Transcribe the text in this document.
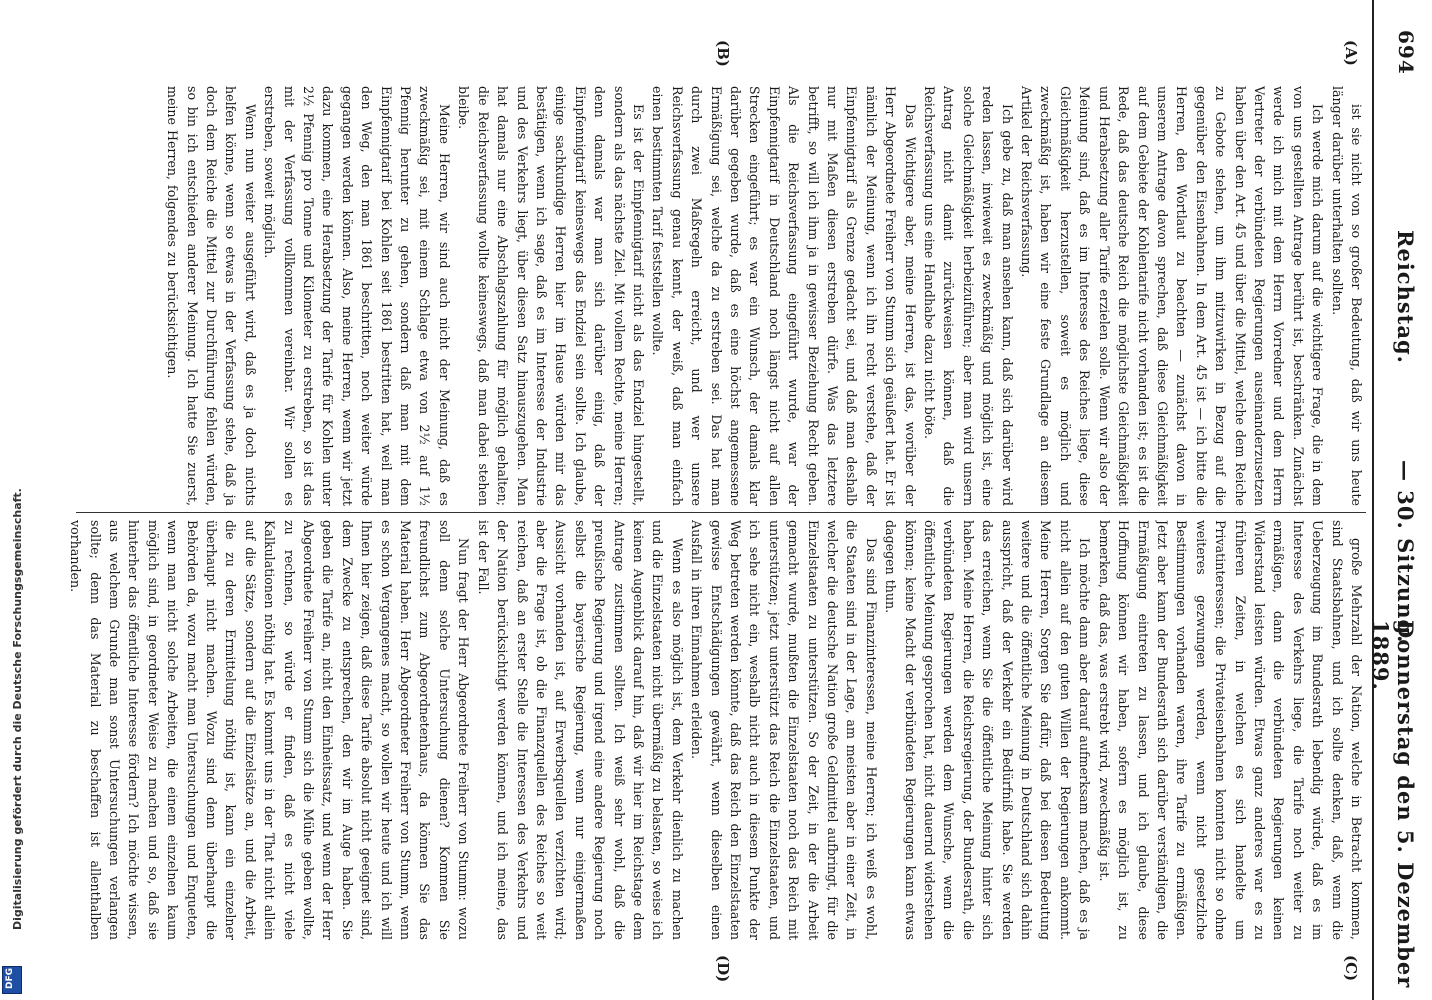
694
Reichstag.
— 30. Sitzung.
Donnerstag den 5. Dezember 1889.
(A)
(B)
(C)
(D)

ist sie nicht von so großer Bedeutung, daß wir uns heute länger darüber unterhalten sollten.

Ich werde mich darum auf die wichtigere Frage, die in dem von uns gestellten Antrage berührt ist, beschränken. Zunächst werde ich mich mit dem Herrn Vorredner und dem Herrn Vertreter der verbündeten Regierungen auseinanderzusetzen haben über den Art. 45 und über die Mittel, welche dem Reiche zu Gebote stehen, um ihm mitzuwirken in Bezug auf die gegenüber den Eisenbahnen. In dem Art. 45 ist — ich bitte die Herren, den Wortlaut zu beachten — zunächst davon in unserem Antrage davon sprechen, daß diese Gleichmäßigkeit auf dem Gebiete der Kohlentarife nicht vorhanden ist; es ist die Rede, daß das deutsche Reich die möglichste Gleichmäßigkeit und Herabsetzung aller Tarife erzielen solle. Wenn wir also der Meinung sind, daß es im Interesse des Reiches liege, diese Gleichmäßigkeit herzustellen, soweit es möglich und zweckmäßig ist, haben wir eine feste Grundlage an diesem Artikel der Reichsverfassung.

Ich gebe zu, daß man ansehen kann, daß sich darüber wird reden lassen, inwieweit es zweckmäßig und möglich ist, eine solche Gleichmäßigkeit herbeizuführen; aber man wird unsern Antrag nicht damit zurückweisen können, daß die Reichsverfassung uns eine Handhabe dazu nicht böte.

Das Wichtigere aber, meine Herren, ist das, worüber der Herr Abgeordnete Freiherr von Stumm sich geäußert hat. Er ist nämlich der Meinung, wenn ich ihn recht verstehe, daß der Einpfennigtarif als Grenze gedacht sei, und daß man deshalb nur mit Maßen diesen erstreben dürfe. Was das letztere betrifft, so will ich ihm ja in gewisser Beziehung Recht geben. Als die Reichsverfassung eingeführt wurde, war der Einpfennigtarif in Deutschland noch längst nicht auf allen Strecken eingeführt; es war ein Wunsch, der damals klar darüber gegeben wurde, daß es eine höchst angemessene Ermäßigung sei, welche da zu erstreben sei. Das hat man durch zwei Maßregeln erreicht, und wer unsere Reichsverfassung genau kennt, der weiß, daß man einfach einen bestimmten Tarif feststellen wollte.

Es ist der Einpfennigtarif nicht als das Endziel hingestellt, sondern als das nächste Ziel. Mit vollem Rechte, meine Herren; denn damals war man sich darüber einig, daß der Einpfennigtarif keineswegs das Endziel sein sollte. Ich glaube, einige sachkundige Herren hier im Hause würden mir das bestätigen, wenn ich sage, daß es im Interesse der Industrie und des Verkehrs liegt, über diesen Satz hinauszugehen. Man hat damals nur eine Abschlagszahlung für möglich gehalten; die Reichsverfassung wollte keineswegs, daß man dabei stehen bleibe.

Meine Herren, wir sind auch nicht der Meinung, daß es zweckmäßig sei, mit einem Schlage etwa von 2½ auf 1½ Pfennig herunter zu gehen, sondern daß man mit dem Einpfennigtarif bei Kohlen seit 1861 bestritten hat, weil man den Weg, den man 1861 beschritten, noch weiter würde gegangen werden können. Also, meine Herren, wenn wir jetzt dazu kommen, eine Herabsetzung der Tarife für Kohlen unter 2½ Pfennig pro Tonne und Kilometer zu erstreben, so ist das mit der Verfassung vollkommen vereinbar. Wir sollen es erstreben, soweit möglich.

Wenn nun weiter ausgeführt wird, daß es ja doch nichts helfen könne, wenn so etwas in der Verfassung stehe, daß ja doch dem Reiche die Mittel zur Durchführung fehlen würden, so bin ich entschieden anderer Meinung. Ich hatte Sie zuerst, meine Herren, folgendes zu berücksichtigen.

große Mehrzahl der Nation, welche in Betracht kommen, sind Staatsbahnen, und ich sollte denken, daß, wenn die Ueberzeugung im Bundesrath lebendig würde, daß es im Interesse des Verkehrs liege, die Tarife noch weiter zu ermäßigen, dann die verbündeten Regierungen keinen Widerstand leisten würden. Etwas ganz anderes war es zu früheren Zeiten, in welchen es sich handelte um Privatinteressen; die Privateisenbahnen konnten nicht so ohne weiteres gezwungen werden, wenn nicht gesetzliche Bestimmungen vorhanden waren, ihre Tarife zu ermäßigen. Jetzt aber kann der Bundesrath sich darüber verständigen, die Ermäßigung eintreten zu lassen, und ich glaube, diese Hoffnung können wir haben, sofern es möglich ist, zu bemerken, daß das, was erstrebt wird, zweckmäßig ist.

Ich möchte dann aber darauf aufmerksam machen, daß es ja nicht allein auf den guten Willen der Regierungen ankommt. Meine Herren, Sorgen Sie dafür, daß bei diesen Bedeutung weitere und die öffentliche Meinung in Deutschland sich dahin ausspricht, daß der Verkehr ein Bedürfniß habe. Sie werden das erreichen, wenn Sie die öffentliche Meinung hinter sich haben. Meine Herren, die Reichsregierung, der Bundesrath, die verbündeten Regierungen werden dem Wunsche, wenn die öffentliche Meinung gesprochen hat, nicht dauernd widerstehen können; keine Macht der verbündeten Regierungen kann etwas dagegen thun.

Das sind Finanzinteressen, meine Herren; ich weiß es wohl, die Staaten sind in der Lage, am meisten aber in einer Zeit, in welcher die deutsche Nation große Geldmittel aufbringt, für die Einzelstaaten zu unterstützen. So der Zeit, in der die Arbeit gemacht wurde, mußten die Einzelstaaten noch das Reich mit unterstützen; jetzt unterstützt das Reich die Einzelstaaten, und ich sehe nicht ein, weshalb nicht auch in diesem Punkte der Weg betreten werden könnte, daß das Reich den Einzelstaaten gewisse Entschädigungen gewährt, wenn dieselben einen Ausfall in ihren Einnahmen erleiden.

Wenn es also möglich ist, dem Verkehr dienlich zu machen und die Einzelstaaten nicht übermäßig zu belasten, so weise ich keinen Augenblick darauf hin, daß wir hier im Reichstage dem Antrage zustimmen sollten. Ich weiß sehr wohl, daß die preußische Regierung und irgend eine andere Regierung noch selbst die bayerische Regierung, wenn nur einigermaßen Aussicht vorhanden ist, auf Erwerbsquellen verzichten wird; aber die Frage ist, ob die Finanzquellen des Reiches so weit reichen, daß an erster Stelle die Interessen des Verkehrs und der Nation berücksichtigt werden können, und ich meine, das ist der Fall.

Nun fragt der Herr Abgeordnete Freiherr von Stumm: wozu soll denn solche Untersuchung dienen? Kommen Sie freundlichst zum Abgeordnetenhaus, da können Sie das Material haben. Herr Abgeordneter Freiherr von Stumm, wenn es schon Vergangenes macht, so wollen wir heute und ich will Ihnen hier zeigen, daß diese Tarife absolut nicht geeignet sind, dem Zwecke zu entsprechen, den wir im Auge haben. Sie geben die Tarife an, nicht den Einheitssatz, und wenn der Herr Abgeordnete Freiherr von Stumm sich die Mühe geben wollte, zu rechnen, so würde er finden, daß es nicht viele Kalkulationen nöthig hat. Es kommt uns in der That nicht allein auf die Sätze, sondern auf die Einzelsätze an, und die Arbeit, die zu deren Ermittelung nöthig ist, kann ein einzelner überhaupt nicht machen. Wozu sind denn überhaupt die Behörden da, wozu macht man Untersuchungen und Enqueten, wenn man nicht solche Arbeiten, die einem einzelnen kaum möglich sind, in geordneter Weise zu machen und so, daß sie hinterher das öffentliche Interesse fördern? Ich möchte wissen, aus welchem Grunde man sonst Untersuchungen verlangen sollte; denn das Material zu beschaffen ist allenthalben vorhanden.

Digitalisierung gefördert durch die Deutsche Forschungsgemeinschaft.
DFG
